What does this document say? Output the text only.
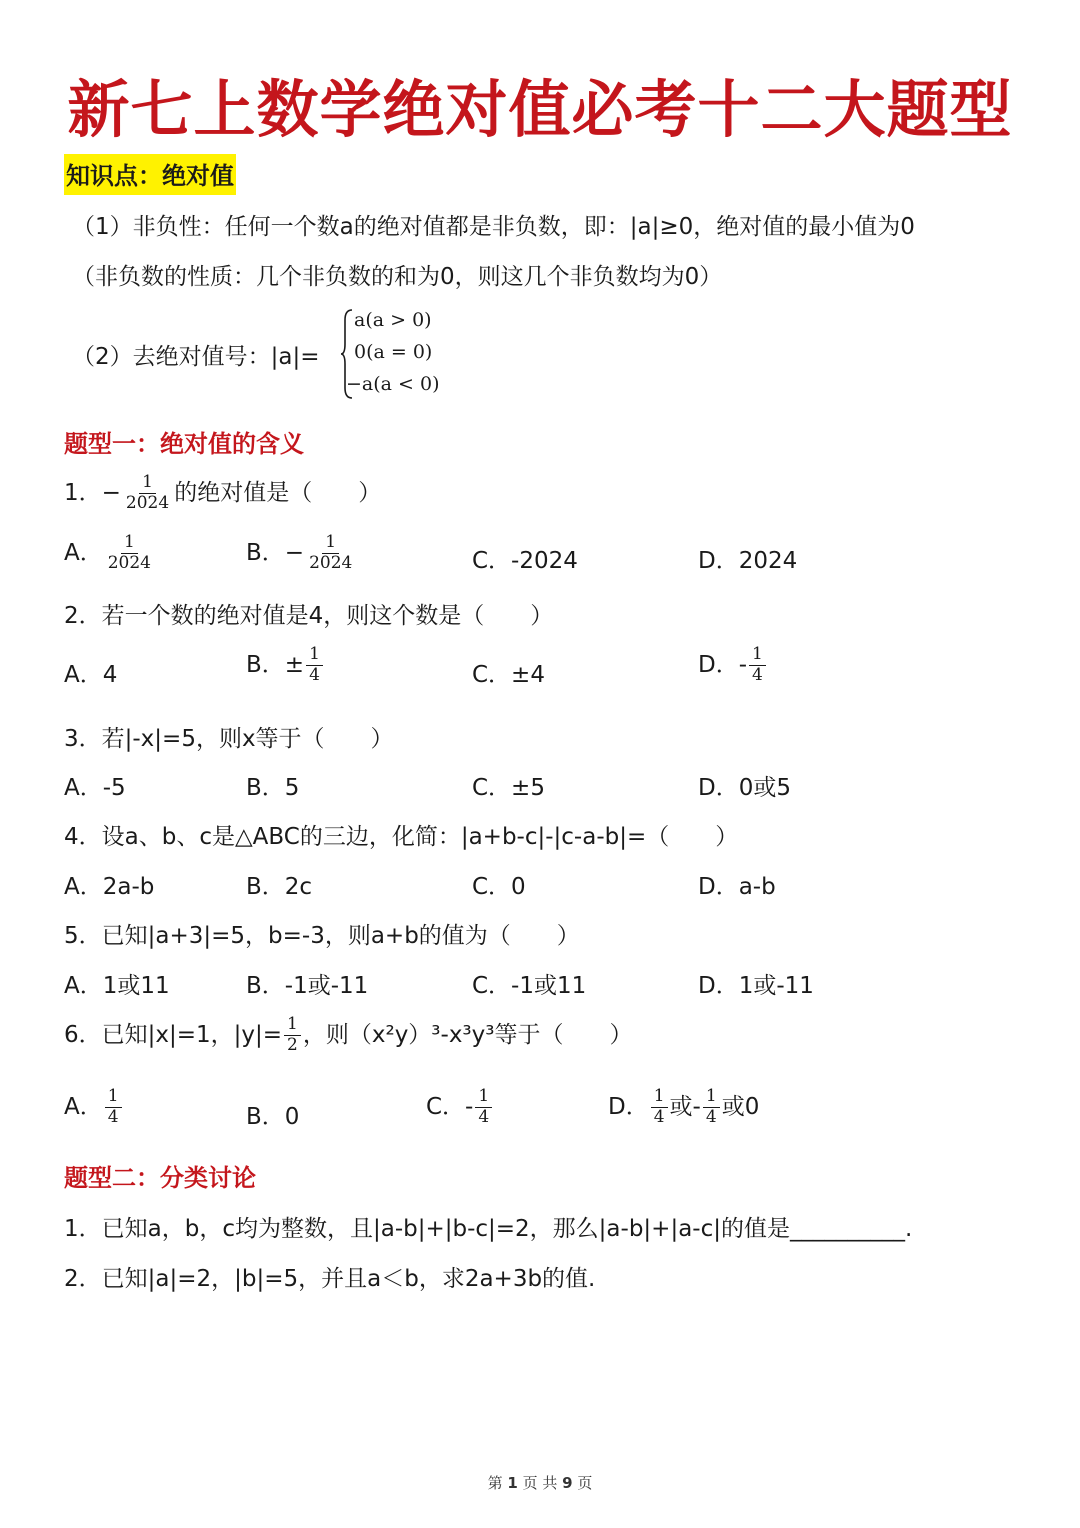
新七上数学绝对值必考十二大题型
知识点：绝对值
（1）非负性：任何一个数a的绝对值都是非负数，即：|a|≥0，绝对值的最小值为0
（非负数的性质：几个非负数的和为0，则这几个非负数均为0）
（2）去绝对值号：|a|=
a(a > 0)
0(a = 0)
−a(a < 0)
题型一：绝对值的含义
1．− $\frac{1}{2024}$ 的绝对值是（　　）
A． $\frac{1}{2024}$	B．− $\frac{1}{2024}$	C．-2024	D．2024
2．若一个数的绝对值是4，则这个数是（　　）
A．4	B．± $\frac{1}{4}$	C．±4	D．- $\frac{1}{4}$
3．若|-x|=5，则x等于（　　）
A．-5	B．5	C．±5	D．0或5
4．设a、b、c是△ABC的三边，化简：|a+b-c|-|c-a-b|=（　　）
A．2a-b	B．2c	C．0	D．a-b
5．已知|a+3|=5，b=-3，则a+b的值为（　　）
A．1或11	B．-1或-11	C．-1或11	D．1或-11
6．已知|x|=1，$|y|= \frac{1}{2}$ ，则（x²y）³-x³y³等于（　　）
A． $\frac{1}{4}$	B．0	C．- $\frac{1}{4}$	D． $\frac{1}{4}$ 或- $\frac{1}{4}$ 或0
题型二：分类讨论
1．已知a，b，c均为整数，且|a-b|+|b-c|=2，那么|a-b|+|a-c|的值是__________.
2．已知|a|=2，|b|=5，并且a＜b，求2a+3b的值.
第 1 页 共 9 页
